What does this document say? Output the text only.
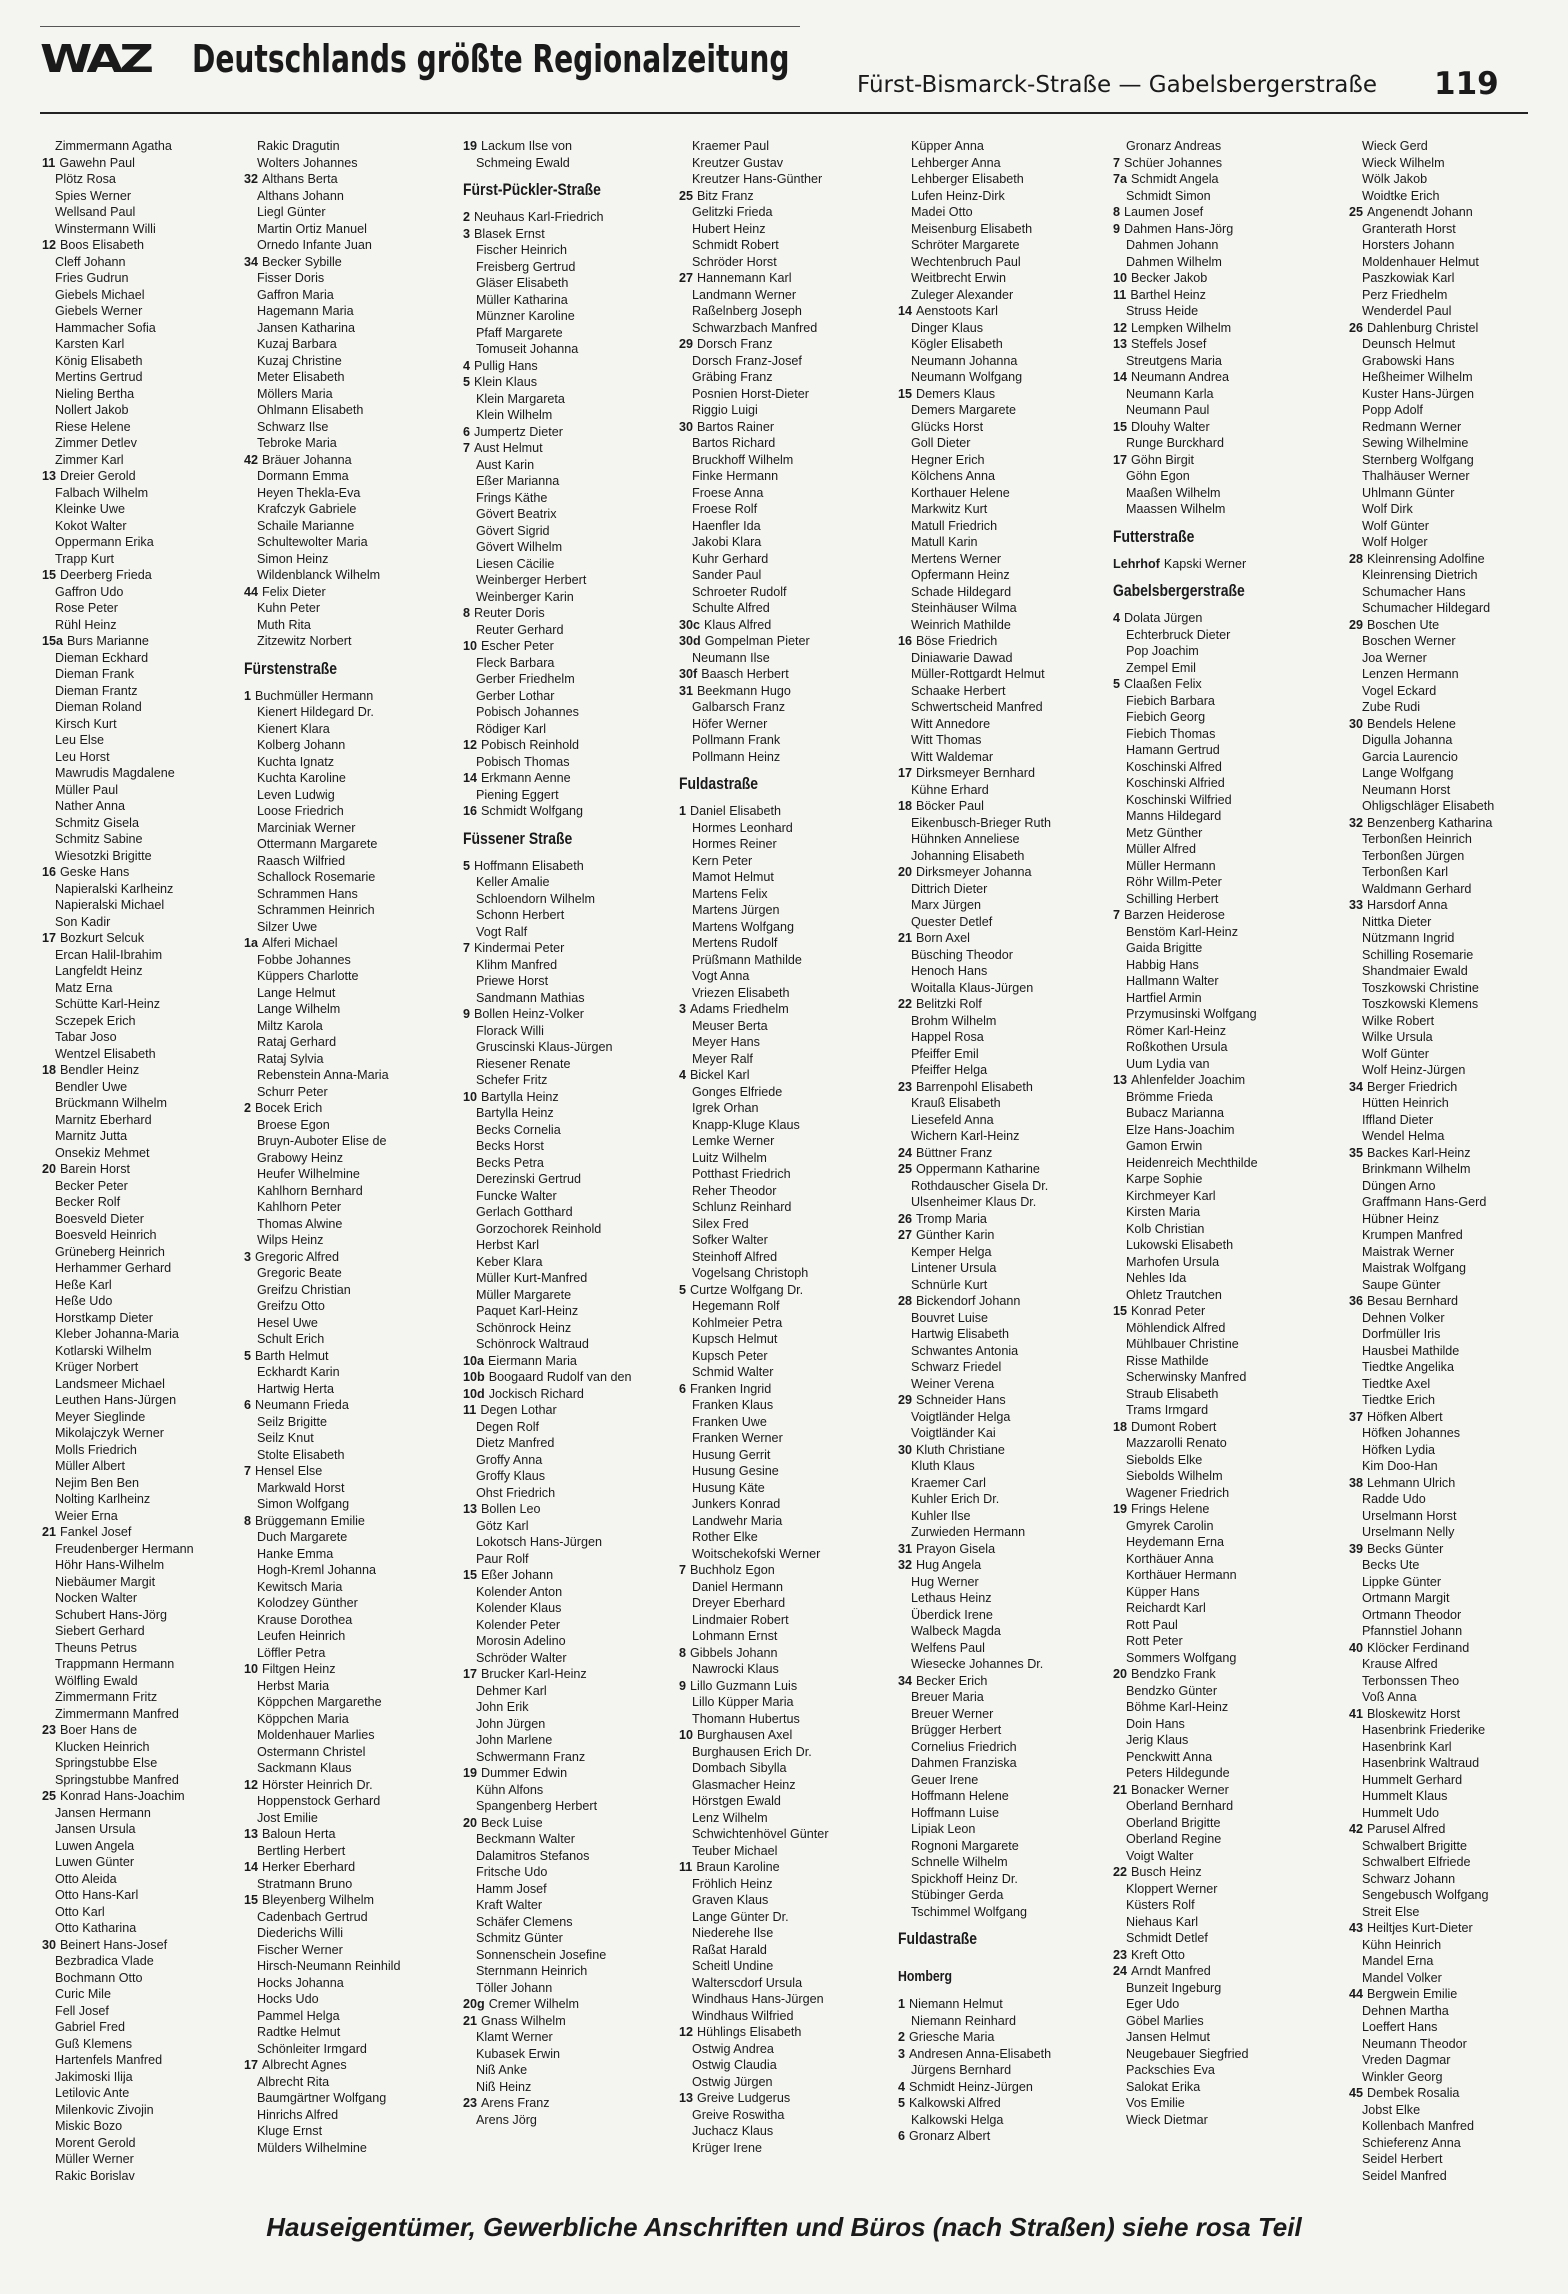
WAZ Deutschlands größte Regionalzeitung
Fürst-Bismarck-Straße — Gabelsbergerstraße 119
Zimmermann Agatha
11 Gawehn Paul
Plötz Rosa
Spies Werner
Wellsand Paul
Winstermann Willi
12 Boos Elisabeth
Cleff Johann
Fries Gudrun
Giebels Michael
Giebels Werner
Hammacher Sofia
Karsten Karl
König Elisabeth
Mertins Gertrud
Nieling Bertha
Nollert Jakob
Riese Helene
Zimmer Detlev
Zimmer Karl
13 Dreier Gerold
Falbach Wilhelm
Kleinke Uwe
Kokot Walter
Oppermann Erika
Trapp Kurt
15 Deerberg Frieda
Gaffron Udo
Rose Peter
Rühl Heinz
15a Burs Marianne
Dieman Eckhard
Dieman Frank
Dieman Frantz
Dieman Roland
Kirsch Kurt
Leu Else
Leu Horst
Mawrudis Magdalene
Müller Paul
Nather Anna
Schmitz Gisela
Schmitz Sabine
Wiesotzki Brigitte
16 Geske Hans
Napieralski Karlheinz
Napieralski Michael
Son Kadir
17 Bozkurt Selcuk
Ercan Halil-Ibrahim
Langfeldt Heinz
Matz Erna
Schütte Karl-Heinz
Sczepek Erich
Tabar Joso
Wentzel Elisabeth
18 Bendler Heinz
Bendler Uwe
Brückmann Wilhelm
Marnitz Eberhard
Marnitz Jutta
Onsekiz Mehmet
20 Barein Horst
Becker Peter
Becker Rolf
Boesveld Dieter
Boesveld Heinrich
Grüneberg Heinrich
Herhammer Gerhard
Heße Karl
Heße Udo
Horstkamp Dieter
Kleber Johanna-Maria
Kotlarski Wilhelm
Krüger Norbert
Landsmeer Michael
Leuthen Hans-Jürgen
Meyer Sieglinde
Mikolajczyk Werner
Molls Friedrich
Müller Albert
Nejim Ben Ben
Nolting Karlheinz
Weier Erna
21 Fankel Josef
Freudenberger Hermann
Höhr Hans-Wilhelm
Niebäumer Margit
Nocken Walter
Schubert Hans-Jörg
Siebert Gerhard
Theuns Petrus
Trappmann Hermann
Wölfling Ewald
Zimmermann Fritz
Zimmermann Manfred
23 Boer Hans de
Klucken Heinrich
Springstubbe Else
Springstubbe Manfred
25 Konrad Hans-Joachim
Jansen Hermann
Jansen Ursula
Luwen Angela
Luwen Günter
Otto Aleida
Otto Hans-Karl
Otto Karl
Otto Katharina
30 Beinert Hans-Josef
Bezbradica Vlade
Bochmann Otto
Curic Mile
Fell Josef
Gabriel Fred
Guß Klemens
Hartenfels Manfred
Jakimoski Ilija
Letilovic Ante
Milenkovic Zivojin
Miskic Bozo
Morent Gerold
Müller Werner
Rakic Borislav
Rakic Dragutin
Wolters Johannes
32 Althans Berta
Althans Johann
Liegl Günter
Martin Ortiz Manuel
Ornedo Infante Juan
34 Becker Sybille
Fisser Doris
Gaffron Maria
Hagemann Maria
Jansen Katharina
Kuzaj Barbara
Kuzaj Christine
Meter Elisabeth
Möllers Maria
Ohlmann Elisabeth
Schwarz Ilse
Tebroke Maria
42 Bräuer Johanna
Dormann Emma
Heyen Thekla-Eva
Krafczyk Gabriele
Schaile Marianne
Schultewolter Maria
Simon Heinz
Wildenblanck Wilhelm
44 Felix Dieter
Kuhn Peter
Muth Rita
Zitzewitz Norbert
Fürstenstraße
1 Buchmüller Hermann
Kienert Hildegard Dr.
Kienert Klara
Kolberg Johann
Kuchta Ignatz
Kuchta Karoline
Leven Ludwig
Loose Friedrich
Marciniak Werner
Ottermann Margarete
Raasch Wilfried
Schallock Rosemarie
Schrammen Hans
Schrammen Heinrich
Silzer Uwe
1a Alferi Michael
Fobbe Johannes
Küppers Charlotte
Lange Helmut
Lange Wilhelm
Miltz Karola
Rataj Gerhard
Rataj Sylvia
Rebenstein Anna-Maria
Schurr Peter
2 Bocek Erich
Broese Egon
Bruyn-Auboter Elise de
Grabowy Heinz
Heufer Wilhelmine
Kahlhorn Bernhard
Kahlhorn Peter
Thomas Alwine
Wilps Heinz
3 Gregoric Alfred
Gregoric Beate
Greifzu Christian
Greifzu Otto
Hesel Uwe
Schult Erich
5 Barth Helmut
Eckhardt Karin
Hartwig Herta
6 Neumann Frieda
Seilz Brigitte
Seilz Knut
Stolte Elisabeth
7 Hensel Else
Markwald Horst
Simon Wolfgang
8 Brüggemann Emilie
Duch Margarete
Hanke Emma
Hogh-Kreml Johanna
Kewitsch Maria
Kolodzey Günther
Krause Dorothea
Leufen Heinrich
Löffler Petra
10 Filtgen Heinz
Herbst Maria
Köppchen Margarethe
Köppchen Maria
Moldenhauer Marlies
Ostermann Christel
Sackmann Klaus
12 Hörster Heinrich Dr.
Hoppenstock Gerhard
Jost Emilie
13 Baloun Herta
Bertling Herbert
14 Herker Eberhard
Stratmann Bruno
15 Bleyenberg Wilhelm
Cadenbach Gertrud
Diederichs Willi
Fischer Werner
Hirsch-Neumann Reinhild
Hocks Johanna
Hocks Udo
Pammel Helga
Radtke Helmut
Schönleiter Irmgard
17 Albrecht Agnes
Albrecht Rita
Baumgärtner Wolfgang
Hinrichs Alfred
Kluge Ernst
Mülders Wilhelmine
19 Lackum Ilse von
Schmeing Ewald
Fürst-Pückler-Straße
2 Neuhaus Karl-Friedrich
3 Blasek Ernst
Fischer Heinrich
Freisberg Gertrud
Gläser Elisabeth
Müller Katharina
Münzner Karoline
Pfaff Margarete
Tomuseit Johanna
4 Pullig Hans
5 Klein Klaus
Klein Margareta
Klein Wilhelm
6 Jumpertz Dieter
7 Aust Helmut
Aust Karin
Eßer Marianna
Frings Käthe
Gövert Beatrix
Gövert Sigrid
Gövert Wilhelm
Liesen Cäcilie
Weinberger Herbert
Weinberger Karin
8 Reuter Doris
Reuter Gerhard
10 Escher Peter
Fleck Barbara
Gerber Friedhelm
Gerber Lothar
Pobisch Johannes
Rödiger Karl
12 Pobisch Reinhold
Pobisch Thomas
14 Erkmann Aenne
Piening Eggert
16 Schmidt Wolfgang
Füssener Straße
5 Hoffmann Elisabeth
Keller Amalie
Schloendorn Wilhelm
Schonn Herbert
Vogt Ralf
7 Kindermai Peter
Klihm Manfred
Priewe Horst
Sandmann Mathias
9 Bollen Heinz-Volker
Florack Willi
Gruscinski Klaus-Jürgen
Riesener Renate
Schefer Fritz
10 Bartylla Heinz
Bartylla Heinz
Becks Cornelia
Becks Horst
Becks Petra
Derezinski Gertrud
Funcke Walter
Gerlach Gotthard
Gorzochorek Reinhold
Herbst Karl
Keber Klara
Müller Kurt-Manfred
Müller Margarete
Paquet Karl-Heinz
Schönrock Heinz
Schönrock Waltraud
10a Eiermann Maria
10b Boogaard Rudolf van den
10d Jockisch Richard
11 Degen Lothar
Degen Rolf
Dietz Manfred
Groffy Anna
Groffy Klaus
Ohst Friedrich
13 Bollen Leo
Götz Karl
Lokotsch Hans-Jürgen
Paur Rolf
15 Eßer Johann
Kolender Anton
Kolender Klaus
Kolender Peter
Morosin Adelino
Schröder Walter
17 Brucker Karl-Heinz
Dehmer Karl
John Erik
John Jürgen
John Marlene
Schwermann Franz
19 Dummer Edwin
Kühn Alfons
Spangenberg Herbert
20 Beck Luise
Beckmann Walter
Dalamitros Stefanos
Fritsche Udo
Hamm Josef
Kraft Walter
Schäfer Clemens
Schmitz Günter
Sonnenschein Josefine
Sternmann Heinrich
Töller Johann
20g Cremer Wilhelm
21 Gnass Wilhelm
Klamt Werner
Kubasek Erwin
Niß Anke
Niß Heinz
23 Arens Franz
Arens Jörg
Kraemer Paul
Kreutzer Gustav
Kreutzer Hans-Günther
25 Bitz Franz
Gelitzki Frieda
Hubert Heinz
Schmidt Robert
Schröder Horst
27 Hannemann Karl
Landmann Werner
Raßelnberg Joseph
Schwarzbach Manfred
29 Dorsch Franz
Dorsch Franz-Josef
Gräbing Franz
Posnien Horst-Dieter
Riggio Luigi
30 Bartos Rainer
Bartos Richard
Bruckhoff Wilhelm
Finke Hermann
Froese Anna
Froese Rolf
Haenfler Ida
Jakobi Klara
Kuhr Gerhard
Sander Paul
Schroeter Rudolf
Schulte Alfred
30c Klaus Alfred
30d Gompelman Pieter
Neumann Ilse
30f Baasch Herbert
31 Beekmann Hugo
Galbarsch Franz
Höfer Werner
Pollmann Frank
Pollmann Heinz
Fuldastraße
1 Daniel Elisabeth
Hormes Leonhard
Hormes Reiner
Kern Peter
Mamot Helmut
Martens Felix
Martens Jürgen
Martens Wolfgang
Mertens Rudolf
Prüßmann Mathilde
Vogt Anna
Vriezen Elisabeth
3 Adams Friedhelm
Meuser Berta
Meyer Hans
Meyer Ralf
4 Bickel Karl
Gonges Elfriede
Igrek Orhan
Knapp-Kluge Klaus
Lemke Werner
Luitz Wilhelm
Potthast Friedrich
Reher Theodor
Schlunz Reinhard
Silex Fred
Sofker Walter
Steinhoff Alfred
Vogelsang Christoph
5 Curtze Wolfgang Dr.
Hegemann Rolf
Kohlmeier Petra
Kupsch Helmut
Kupsch Peter
Schmid Walter
6 Franken Ingrid
Franken Klaus
Franken Uwe
Franken Werner
Husung Gerrit
Husung Gesine
Husung Käte
Junkers Konrad
Landwehr Maria
Rother Elke
Woitschekofski Werner
7 Buchholz Egon
Daniel Hermann
Dreyer Eberhard
Lindmaier Robert
Lohmann Ernst
8 Gibbels Johann
Nawrocki Klaus
9 Lillo Guzmann Luis
Lillo Küpper Maria
Thomann Hubertus
10 Burghausen Axel
Burghausen Erich Dr.
Dombach Sibylla
Glasmacher Heinz
Hörstgen Ewald
Lenz Wilhelm
Schwichtenhövel Günter
Teuber Michael
11 Braun Karoline
Fröhlich Heinz
Graven Klaus
Lange Günter Dr.
Niederehe Ilse
Raßat Harald
Scheitl Undine
Walterscdorf Ursula
Windhaus Hans-Jürgen
Windhaus Wilfried
12 Hühlings Elisabeth
Ostwig Andrea
Ostwig Claudia
Ostwig Jürgen
13 Greive Ludgerus
Greive Roswitha
Juchacz Klaus
Krüger Irene
Küpper Anna
Lehberger Anna
Lehberger Elisabeth
Lufen Heinz-Dirk
Madei Otto
Meisenburg Elisabeth
Schröter Margarete
Wechtenbruch Paul
Weitbrecht Erwin
Zuleger Alexander
14 Aenstoots Karl
Dinger Klaus
Kögler Elisabeth
Neumann Johanna
Neumann Wolfgang
15 Demers Klaus
Demers Margarete
Glücks Horst
Goll Dieter
Hegner Erich
Kölchens Anna
Korthauer Helene
Markwitz Kurt
Matull Friedrich
Matull Karin
Mertens Werner
Opfermann Heinz
Schade Hildegard
Steinhäuser Wilma
Weinrich Mathilde
16 Böse Friedrich
Diniawarie Dawad
Müller-Rottgardt Helmut
Schaake Herbert
Schwertscheid Manfred
Witt Annedore
Witt Thomas
Witt Waldemar
17 Dirksmeyer Bernhard
Kühne Erhard
18 Böcker Paul
Eikenbusch-Brieger Ruth
Hühnken Anneliese
Johanning Elisabeth
20 Dirksmeyer Johanna
Dittrich Dieter
Marx Jürgen
Quester Detlef
21 Born Axel
Büsching Theodor
Henoch Hans
Woitalla Klaus-Jürgen
22 Belitzki Rolf
Brohm Wilhelm
Happel Rosa
Pfeiffer Emil
Pfeiffer Helga
23 Barrenpohl Elisabeth
Krauß Elisabeth
Liesefeld Anna
Wichern Karl-Heinz
24 Büttner Franz
25 Oppermann Katharine
Rothdauscher Gisela Dr.
Ulsenheimer Klaus Dr.
26 Tromp Maria
27 Günther Karin
Kemper Helga
Lintener Ursula
Schnürle Kurt
28 Bickendorf Johann
Bouvret Luise
Hartwig Elisabeth
Schwantes Antonia
Schwarz Friedel
Weiner Verena
29 Schneider Hans
Voigtländer Helga
Voigtländer Kai
30 Kluth Christiane
Kluth Klaus
Kraemer Carl
Kuhler Erich Dr.
Kuhler Ilse
Zurwieden Hermann
31 Prayon Gisela
32 Hug Angela
Hug Werner
Lethaus Heinz
Überdick Irene
Walbeck Magda
Welfens Paul
Wiesecke Johannes Dr.
34 Becker Erich
Breuer Maria
Breuer Werner
Brügger Herbert
Cornelius Friedrich
Dahmen Franziska
Geuer Irene
Hoffmann Helene
Hoffmann Luise
Lipiak Leon
Rognoni Margarete
Schnelle Wilhelm
Spickhoff Heinz Dr.
Stübinger Gerda
Tschimmel Wolfgang
Fuldastraße
Homberg
1 Niemann Helmut
Niemann Reinhard
2 Griesche Maria
3 Andresen Anna-Elisabeth
Jürgens Bernhard
4 Schmidt Heinz-Jürgen
5 Kalkowski Alfred
Kalkowski Helga
6 Gronarz Albert
Gronarz Andreas
7 Schüer Johannes
7a Schmidt Angela
Schmidt Simon
8 Laumen Josef
9 Dahmen Hans-Jörg
Dahmen Johann
Dahmen Wilhelm
10 Becker Jakob
11 Barthel Heinz
Struss Heide
12 Lempken Wilhelm
13 Steffels Josef
Streutgens Maria
14 Neumann Andrea
Neumann Karla
Neumann Paul
15 Dlouhy Walter
Runge Burckhard
17 Göhn Birgit
Göhn Egon
Maaßen Wilhelm
Maassen Wilhelm
Futterstraße
Lehrhof Kapski Werner
Gabelsbergerstraße
4 Dolata Jürgen
Echterbruck Dieter
Pop Joachim
Zempel Emil
5 Claaßen Felix
Fiebich Barbara
Fiebich Georg
Fiebich Thomas
Hamann Gertrud
Koschinski Alfred
Koschinski Alfried
Koschinski Wilfried
Manns Hildegard
Metz Günther
Müller Alfred
Müller Hermann
Röhr Willm-Peter
Schilling Herbert
7 Barzen Heiderose
Benstöm Karl-Heinz
Gaida Brigitte
Habbig Hans
Hallmann Walter
Hartfiel Armin
Przymusinski Wolfgang
Römer Karl-Heinz
Roßkothen Ursula
Uum Lydia van
13 Ahlenfelder Joachim
Brömme Frieda
Bubacz Marianna
Elze Hans-Joachim
Gamon Erwin
Heidenreich Mechthilde
Karpe Sophie
Kirchmeyer Karl
Kirsten Maria
Kolb Christian
Lukowski Elisabeth
Marhofen Ursula
Nehles Ida
Ohletz Trautchen
15 Konrad Peter
Möhlendick Alfred
Mühlbauer Christine
Risse Mathilde
Scherwinsky Manfred
Straub Elisabeth
Trams Irmgard
18 Dumont Robert
Mazzarolli Renato
Siebolds Elke
Siebolds Wilhelm
Wagener Friedrich
19 Frings Helene
Gmyrek Carolin
Heydemann Erna
Korthäuer Anna
Korthäuer Hermann
Küpper Hans
Reichardt Karl
Rott Paul
Rott Peter
Sommers Wolfgang
20 Bendzko Frank
Bendzko Günter
Böhme Karl-Heinz
Doin Hans
Jerig Klaus
Penckwitt Anna
Peters Hildegunde
21 Bonacker Werner
Oberland Bernhard
Oberland Brigitte
Oberland Regine
Voigt Walter
22 Busch Heinz
Kloppert Werner
Küsters Rolf
Niehaus Karl
Schmidt Detlef
23 Kreft Otto
24 Arndt Manfred
Bunzeit Ingeburg
Eger Udo
Göbel Marlies
Jansen Helmut
Neugebauer Siegfried
Packschies Eva
Salokat Erika
Vos Emilie
Wieck Dietmar
Wieck Gerd
Wieck Wilhelm
Wölk Jakob
Woidtke Erich
25 Angenendt Johann
Granterath Horst
Horsters Johann
Moldenhauer Helmut
Paszkowiak Karl
Perz Friedhelm
Wenderdel Paul
26 Dahlenburg Christel
Deunsch Helmut
Grabowski Hans
Heßheimer Wilhelm
Kuster Hans-Jürgen
Popp Adolf
Redmann Werner
Sewing Wilhelmine
Sternberg Wolfgang
Thalhäuser Werner
Uhlmann Günter
Wolf Dirk
Wolf Günter
Wolf Holger
28 Kleinrensing Adolfine
Kleinrensing Dietrich
Schumacher Hans
Schumacher Hildegard
29 Boschen Ute
Boschen Werner
Joa Werner
Lenzen Hermann
Vogel Eckard
Zube Rudi
30 Bendels Helene
Digulla Johanna
Garcia Laurencio
Lange Wolfgang
Neumann Horst
Ohligschläger Elisabeth
32 Benzenberg Katharina
Terbonßen Heinrich
Terbonßen Jürgen
Terbonßen Karl
Waldmann Gerhard
33 Harsdorf Anna
Nittka Dieter
Nützmann Ingrid
Schilling Rosemarie
Shandmaier Ewald
Toszkowski Christine
Toszkowski Klemens
Wilke Robert
Wilke Ursula
Wolf Günter
Wolf Heinz-Jürgen
34 Berger Friedrich
Hütten Heinrich
Iffland Dieter
Wendel Helma
35 Backes Karl-Heinz
Brinkmann Wilhelm
Düngen Arno
Graffmann Hans-Gerd
Hübner Heinz
Krumpen Manfred
Maistrak Werner
Maistrak Wolfgang
Saupe Günter
36 Besau Bernhard
Dehnen Volker
Dorfmüller Iris
Hausbei Mathilde
Tiedtke Angelika
Tiedtke Axel
Tiedtke Erich
37 Höfken Albert
Höfken Johannes
Höfken Lydia
Kim Doo-Han
38 Lehmann Ulrich
Radde Udo
Urselmann Horst
Urselmann Nelly
39 Becks Günter
Becks Ute
Lippke Günter
Ortmann Margit
Ortmann Theodor
Pfannstiel Johann
40 Klöcker Ferdinand
Krause Alfred
Terbonssen Theo
Voß Anna
41 Bloskewitz Horst
Hasenbrink Friederike
Hasenbrink Karl
Hasenbrink Waltraud
Hummelt Gerhard
Hummelt Klaus
Hummelt Udo
42 Parusel Alfred
Schwalbert Brigitte
Schwalbert Elfriede
Schwarz Johann
Sengebusch Wolfgang
Streit Else
43 Heiltjes Kurt-Dieter
Kühn Heinrich
Mandel Erna
Mandel Volker
44 Bergwein Emilie
Dehnen Martha
Loeffert Hans
Neumann Theodor
Vreden Dagmar
Winkler Georg
45 Dembek Rosalia
Jobst Elke
Kollenbach Manfred
Schieferenz Anna
Seidel Herbert
Seidel Manfred
Hauseigentümer, Gewerbliche Anschriften und Büros (nach Straßen) siehe rosa Teil
